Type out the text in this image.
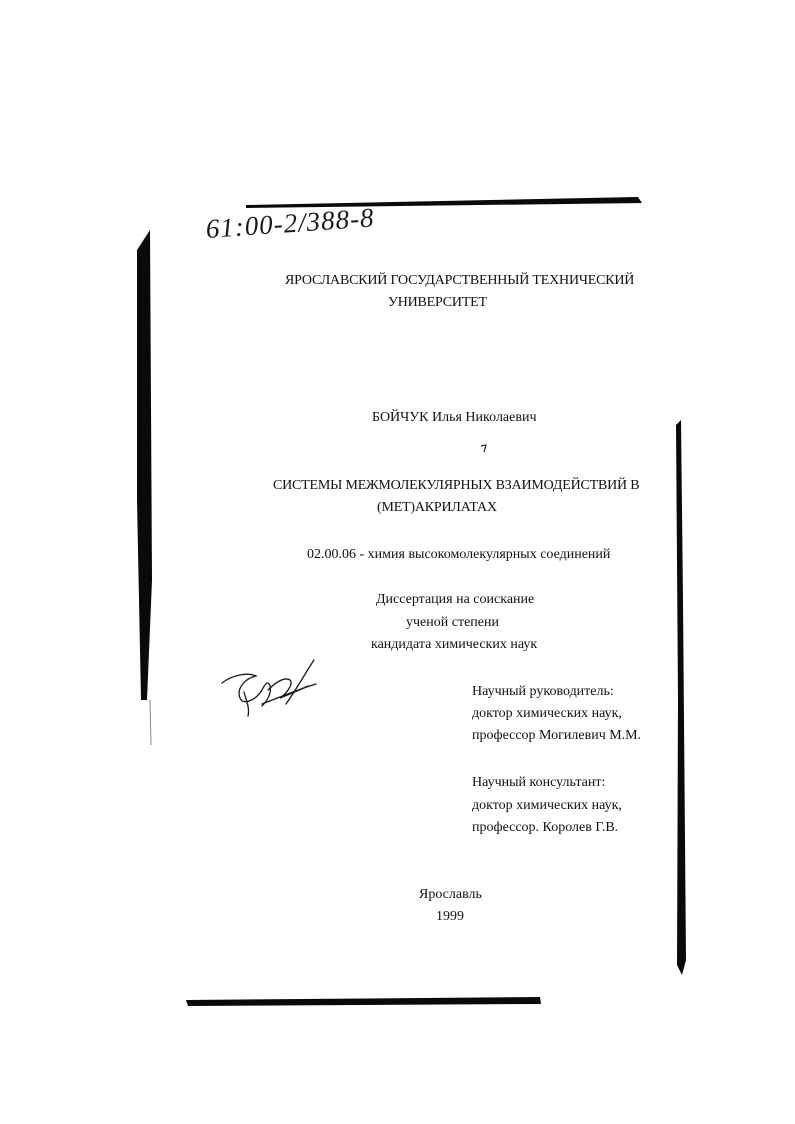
61:00-2/388-8
ЯРОСЛАВСКИЙ ГОСУДАРСТВЕННЫЙ ТЕХНИЧЕСКИЙ
УНИВЕРСИТЕТ
БОЙЧУК Илья Николаевич
СИСТЕМЫ МЕЖМОЛЕКУЛЯРНЫХ ВЗАИМОДЕЙСТВИЙ В
(МЕТ)АКРИЛАТАХ
02.00.06 - химия высокомолекулярных соединений
Диссертация на соискание
ученой степени
кандидата химических наук
Научный руководитель:
доктор химических наук,
профессор Могилевич М.М.
Научный консультант:
доктор химических наук,
профессор. Королев Г.В.
Ярославль
1999
